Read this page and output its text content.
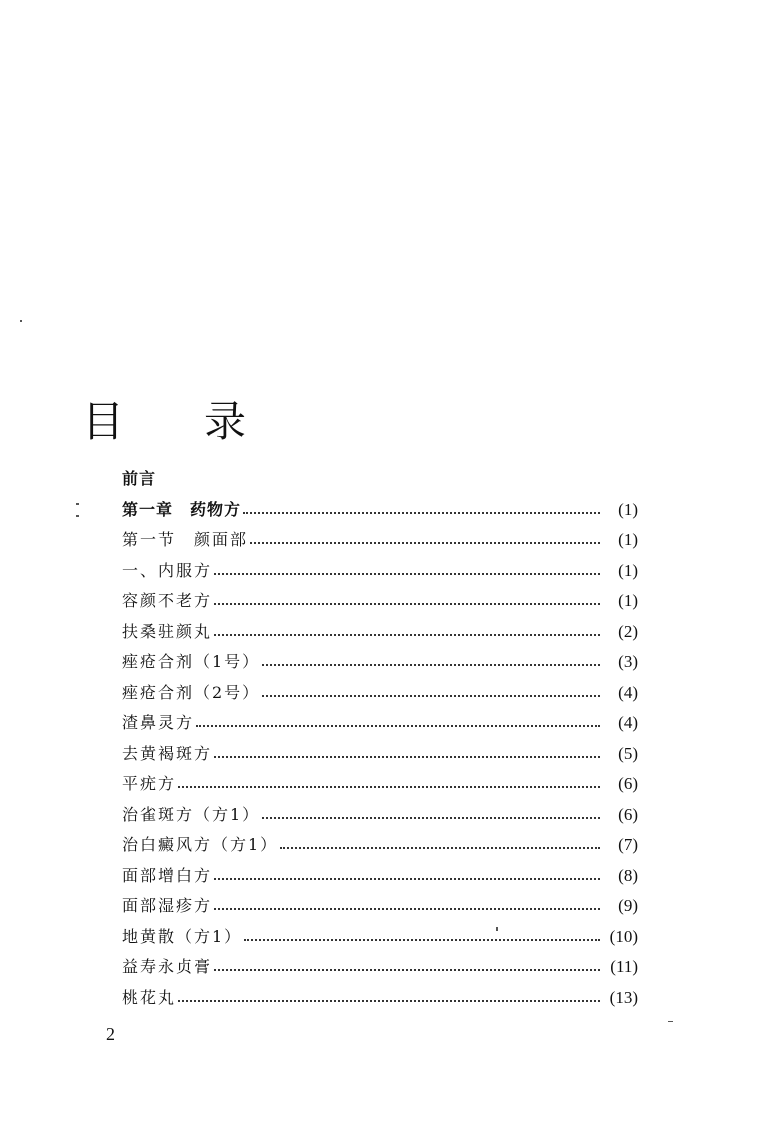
目 录
前言
第一章　药物方	(1)
第一节　颜面部	(1)
一、内服方	(1)
容颜不老方	(1)
扶桑驻颜丸	(2)
痤疮合剂（1号）	(3)
痤疮合剂（2号）	(4)
渣鼻灵方	(4)
去黄褐斑方	(5)
平疣方	(6)
治雀斑方（方1）	(6)
治白癜风方（方1）	(7)
面部增白方	(8)
面部湿疹方	(9)
地黄散（方1）	(10)
益寿永贞膏	(11)
桃花丸	(13)
2
